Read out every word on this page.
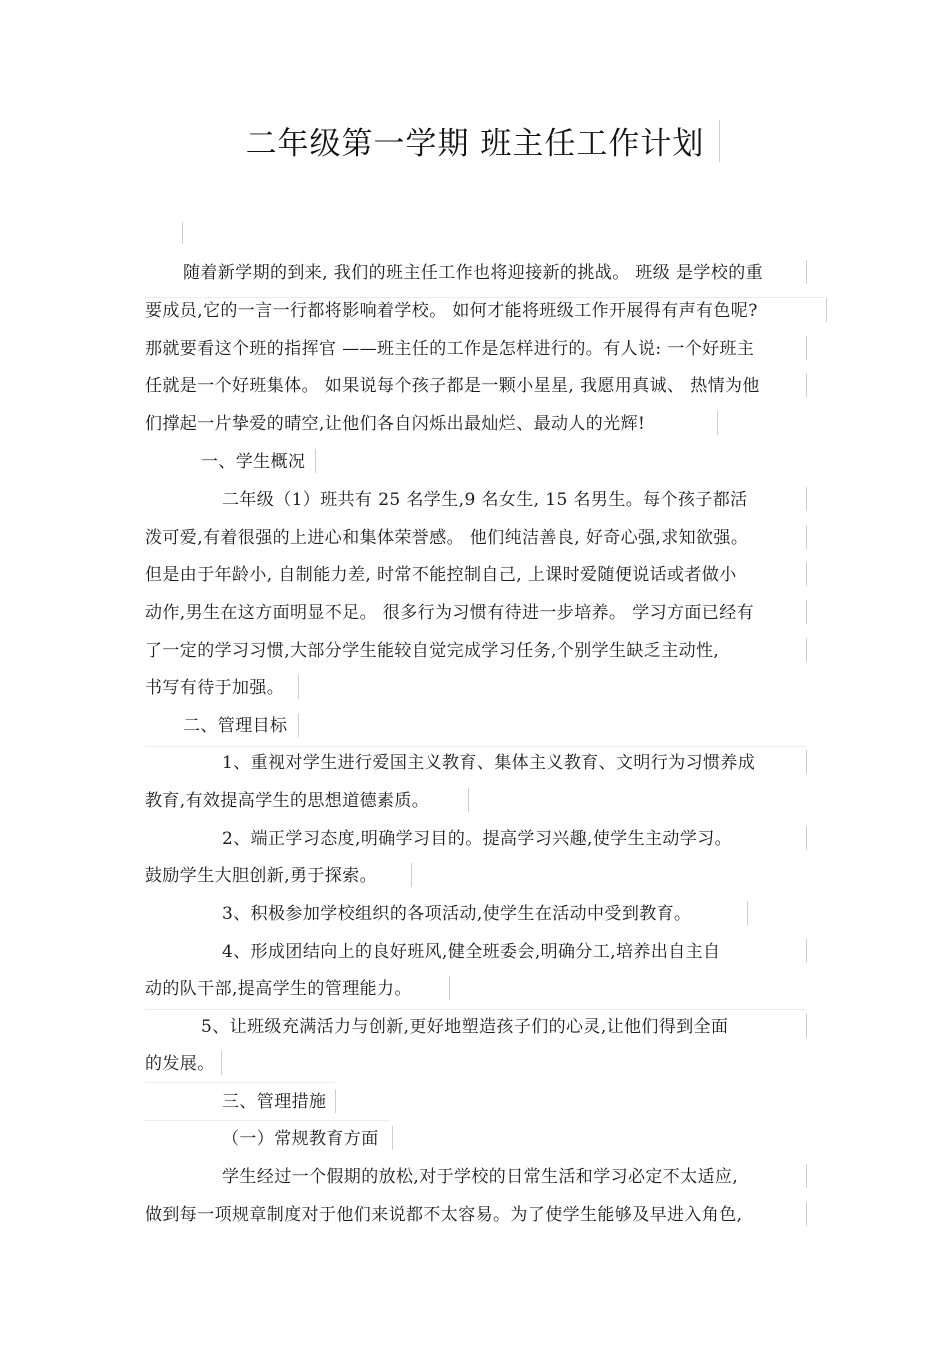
二年级第一学期 班主任工作计划
随着新学期的到来, 我们的班主任工作也将迎接新的挑战。 班级 是学校的重
要成员,它的一言一行都将影响着学校。 如何才能将班级工作开展得有声有色呢?
那就要看这个班的指挥官 ——班主任的工作是怎样进行的。有人说: 一个好班主
任就是一个好班集体。 如果说每个孩子都是一颗小星星, 我愿用真诚、 热情为他
们撑起一片挚爱的晴空,让他们各自闪烁出最灿烂、最动人的光辉!
一、学生概况
二年级（1）班共有 25 名学生,9 名女生, 15 名男生。每个孩子都活
泼可爱,有着很强的上进心和集体荣誉感。 他们纯洁善良, 好奇心强,求知欲强。
但是由于年龄小, 自制能力差, 时常不能控制自己, 上课时爱随便说话或者做小
动作,男生在这方面明显不足。 很多行为习惯有待进一步培养。 学习方面已经有
了一定的学习习惯,大部分学生能较自觉完成学习任务,个别学生缺乏主动性,
书写有待于加强。
二、管理目标
1、重视对学生进行爱国主义教育、集体主义教育、文明行为习惯养成
教育,有效提高学生的思想道德素质。
2、端正学习态度,明确学习目的。提高学习兴趣,使学生主动学习。
鼓励学生大胆创新,勇于探索。
3、积极参加学校组织的各项活动,使学生在活动中受到教育。
4、形成团结向上的良好班风,健全班委会,明确分工,培养出自主自
动的队干部,提高学生的管理能力。
5、让班级充满活力与创新,更好地塑造孩子们的心灵,让他们得到全面
的发展。
三、管理措施
（一）常规教育方面
学生经过一个假期的放松,对于学校的日常生活和学习必定不太适应,
做到每一项规章制度对于他们来说都不太容易。为了使学生能够及早进入角色,
